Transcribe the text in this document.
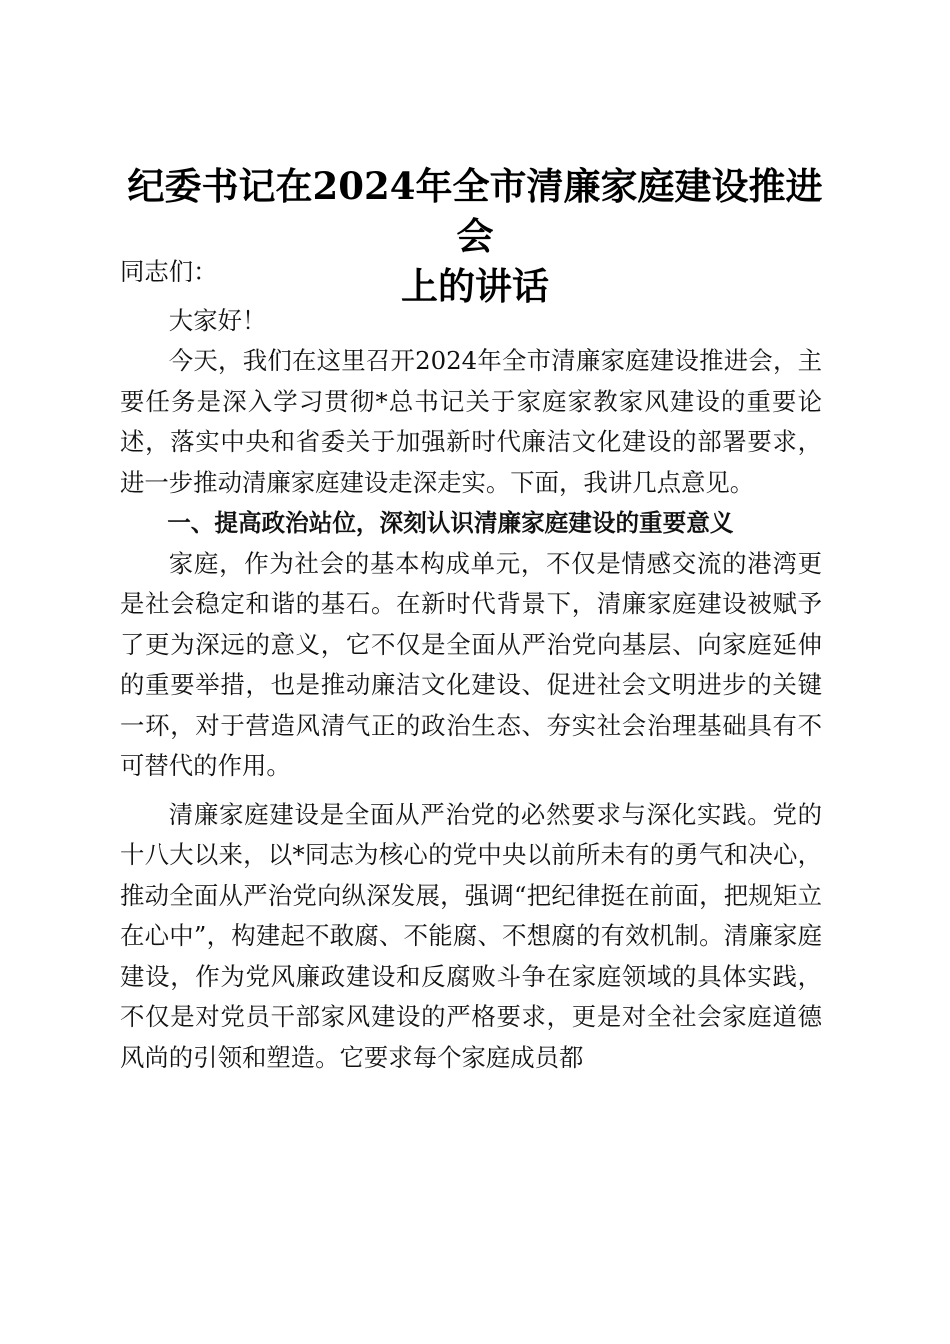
纪委书记在2024年全市清廉家庭建设推进会
上的讲话

同志们：

大家好！

今天，我们在这里召开2024年全市清廉家庭建设推进会，主要任务是深入学习贯彻*总书记关于家庭家教家风建设的重要论述，落实中央和省委关于加强新时代廉洁文化建设的部署要求，进一步推动清廉家庭建设走深走实。下面，我讲几点意见。

一、提高政治站位，深刻认识清廉家庭建设的重要意义

家庭，作为社会的基本构成单元，不仅是情感交流的港湾更是社会稳定和谐的基石。在新时代背景下，清廉家庭建设被赋予了更为深远的意义，它不仅是全面从严治党向基层、向家庭延伸的重要举措，也是推动廉洁文化建设、促进社会文明进步的关键一环，对于营造风清气正的政治生态、夯实社会治理基础具有不可替代的作用。

清廉家庭建设是全面从严治党的必然要求与深化实践。党的十八大以来，以*同志为核心的党中央以前所未有的勇气和决心，推动全面从严治党向纵深发展，强调“把纪律挺在前面，把规矩立在心中”，构建起不敢腐、不能腐、不想腐的有效机制。清廉家庭建设，作为党风廉政建设和反腐败斗争在家庭领域的具体实践，不仅是对党员干部家风建设的严格要求，更是对全社会家庭道德风尚的引领和塑造。它要求每个家庭成员都
